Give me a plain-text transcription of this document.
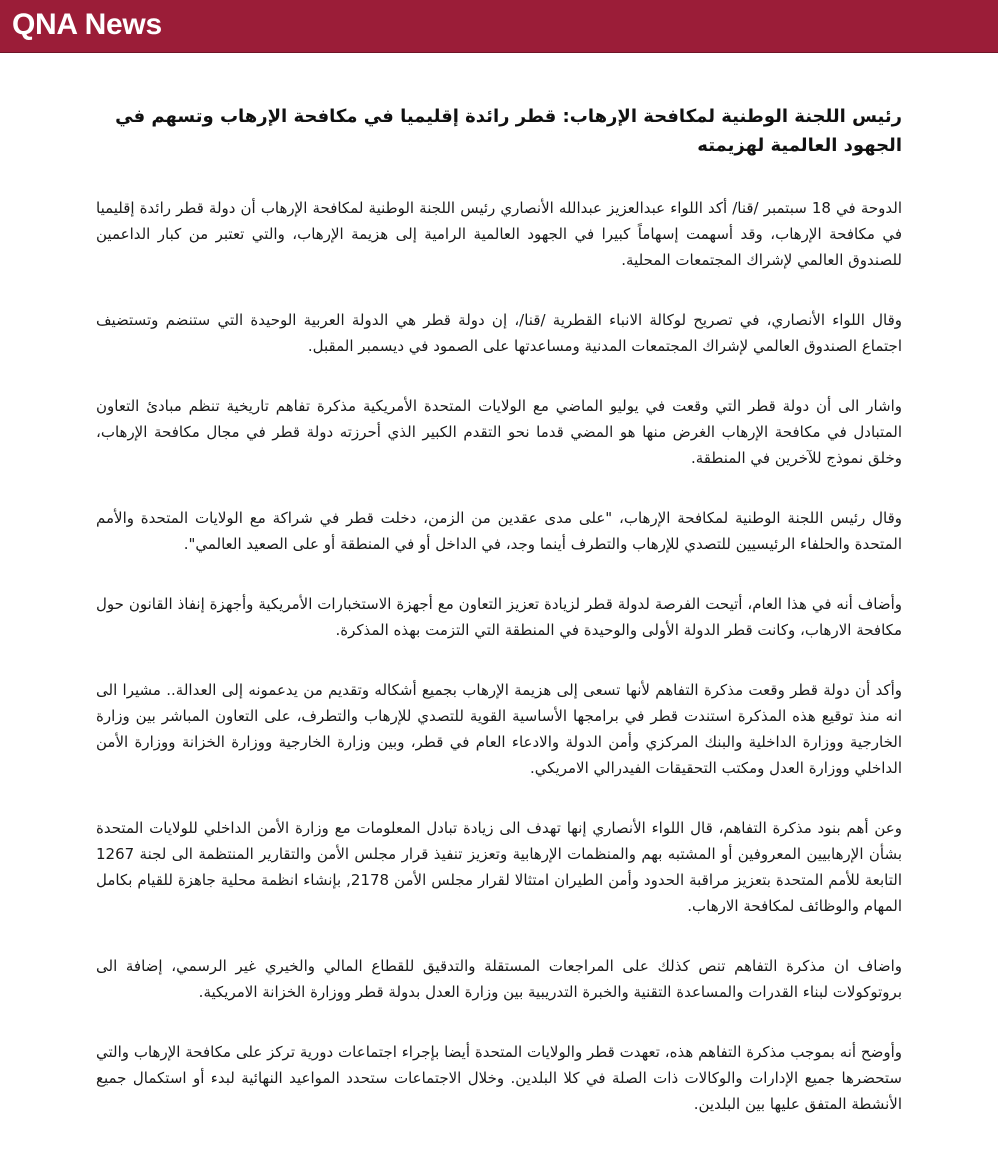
QNA News
رئيس اللجنة الوطنية لمكافحة الإرهاب: قطر رائدة إقليميا في مكافحة الإرهاب وتسهم في الجهود العالمية لهزيمته

الدوحة في 18 سبتمبر /قنا/ أكد اللواء عبدالعزيز عبدالله الأنصاري رئيس اللجنة الوطنية لمكافحة الإرهاب أن دولة قطر رائدة إقليميا في مكافحة الإرهاب، وقد أسهمت إسهاماً كبيرا في الجهود العالمية الرامية إلى هزيمة الإرهاب، والتي تعتبر من كبار الداعمين للصندوق العالمي لإشراك المجتمعات المحلية.

وقال اللواء الأنصاري، في تصريح لوكالة الانباء القطرية /قنا/، إن دولة قطر هي الدولة العربية الوحيدة التي ستنضم وتستضيف اجتماع الصندوق العالمي لإشراك المجتمعات المدنية ومساعدتها على الصمود في ديسمبر المقبل.

واشار الى أن دولة قطر التي وقعت في يوليو الماضي مع الولايات المتحدة الأمريكية مذكرة تفاهم تاريخية تنظم مبادئ التعاون المتبادل في مكافحة الإرهاب الغرض منها هو المضي قدما نحو التقدم الكبير الذي أحرزته دولة قطر في مجال مكافحة الإرهاب، وخلق نموذج للآخرين في المنطقة.

وقال رئيس اللجنة الوطنية لمكافحة الإرهاب، "على مدى عقدين من الزمن، دخلت قطر في شراكة مع الولايات المتحدة والأمم المتحدة والحلفاء الرئيسيين للتصدي للإرهاب والتطرف أينما وجد، في الداخل أو في المنطقة أو على الصعيد العالمي".

وأضاف أنه في هذا العام، أتيحت الفرصة لدولة قطر لزيادة تعزيز التعاون مع أجهزة الاستخبارات الأمريكية وأجهزة إنفاذ القانون حول مكافحة الارهاب، وكانت قطر الدولة الأولى والوحيدة في المنطقة التي التزمت بهذه المذكرة.

وأكد أن دولة قطر وقعت مذكرة التفاهم لأنها تسعى إلى هزيمة الإرهاب بجميع أشكاله وتقديم من يدعمونه إلى العدالة.. مشيرا الى انه منذ توقيع هذه المذكرة استندت قطر في برامجها الأساسية القوية للتصدي للإرهاب والتطرف، على التعاون المباشر بين وزارة الخارجية ووزارة الداخلية والبنك المركزي وأمن الدولة والادعاء العام في قطر، وبين وزارة الخارجية ووزارة الخزانة ووزارة الأمن الداخلي ووزارة العدل ومكتب التحقيقات الفيدرالي الامريكي.

وعن أهم بنود مذكرة التفاهم، قال اللواء الأنصاري إنها تهدف الى زيادة تبادل المعلومات مع وزارة الأمن الداخلي للولايات المتحدة بشأن الإرهابيين المعروفين أو المشتبه بهم والمنظمات الإرهابية وتعزيز تنفيذ قرار مجلس الأمن والتقارير المنتظمة الى لجنة 1267 التابعة للأمم المتحدة بتعزيز مراقبة الحدود وأمن الطيران امتثالا لقرار مجلس الأمن 2178, بإنشاء انظمة محلية جاهزة للقيام بكامل المهام والوظائف لمكافحة الارهاب.

واضاف ان مذكرة التفاهم تنص كذلك على المراجعات المستقلة والتدقيق للقطاع المالي والخيري غير الرسمي، إضافة الى بروتوكولات لبناء القدرات والمساعدة التقنية والخبرة التدريبية بين وزارة العدل بدولة قطر ووزارة الخزانة الامريكية.

وأوضح أنه بموجب مذكرة التفاهم هذه، تعهدت قطر والولايات المتحدة أيضا بإجراء اجتماعات دورية تركز على مكافحة الإرهاب والتي ستحضرها جميع الإدارات والوكالات ذات الصلة في كلا البلدين. وخلال الاجتماعات ستحدد المواعيد النهائية لبدء أو استكمال جميع الأنشطة المتفق عليها بين البلدين.
